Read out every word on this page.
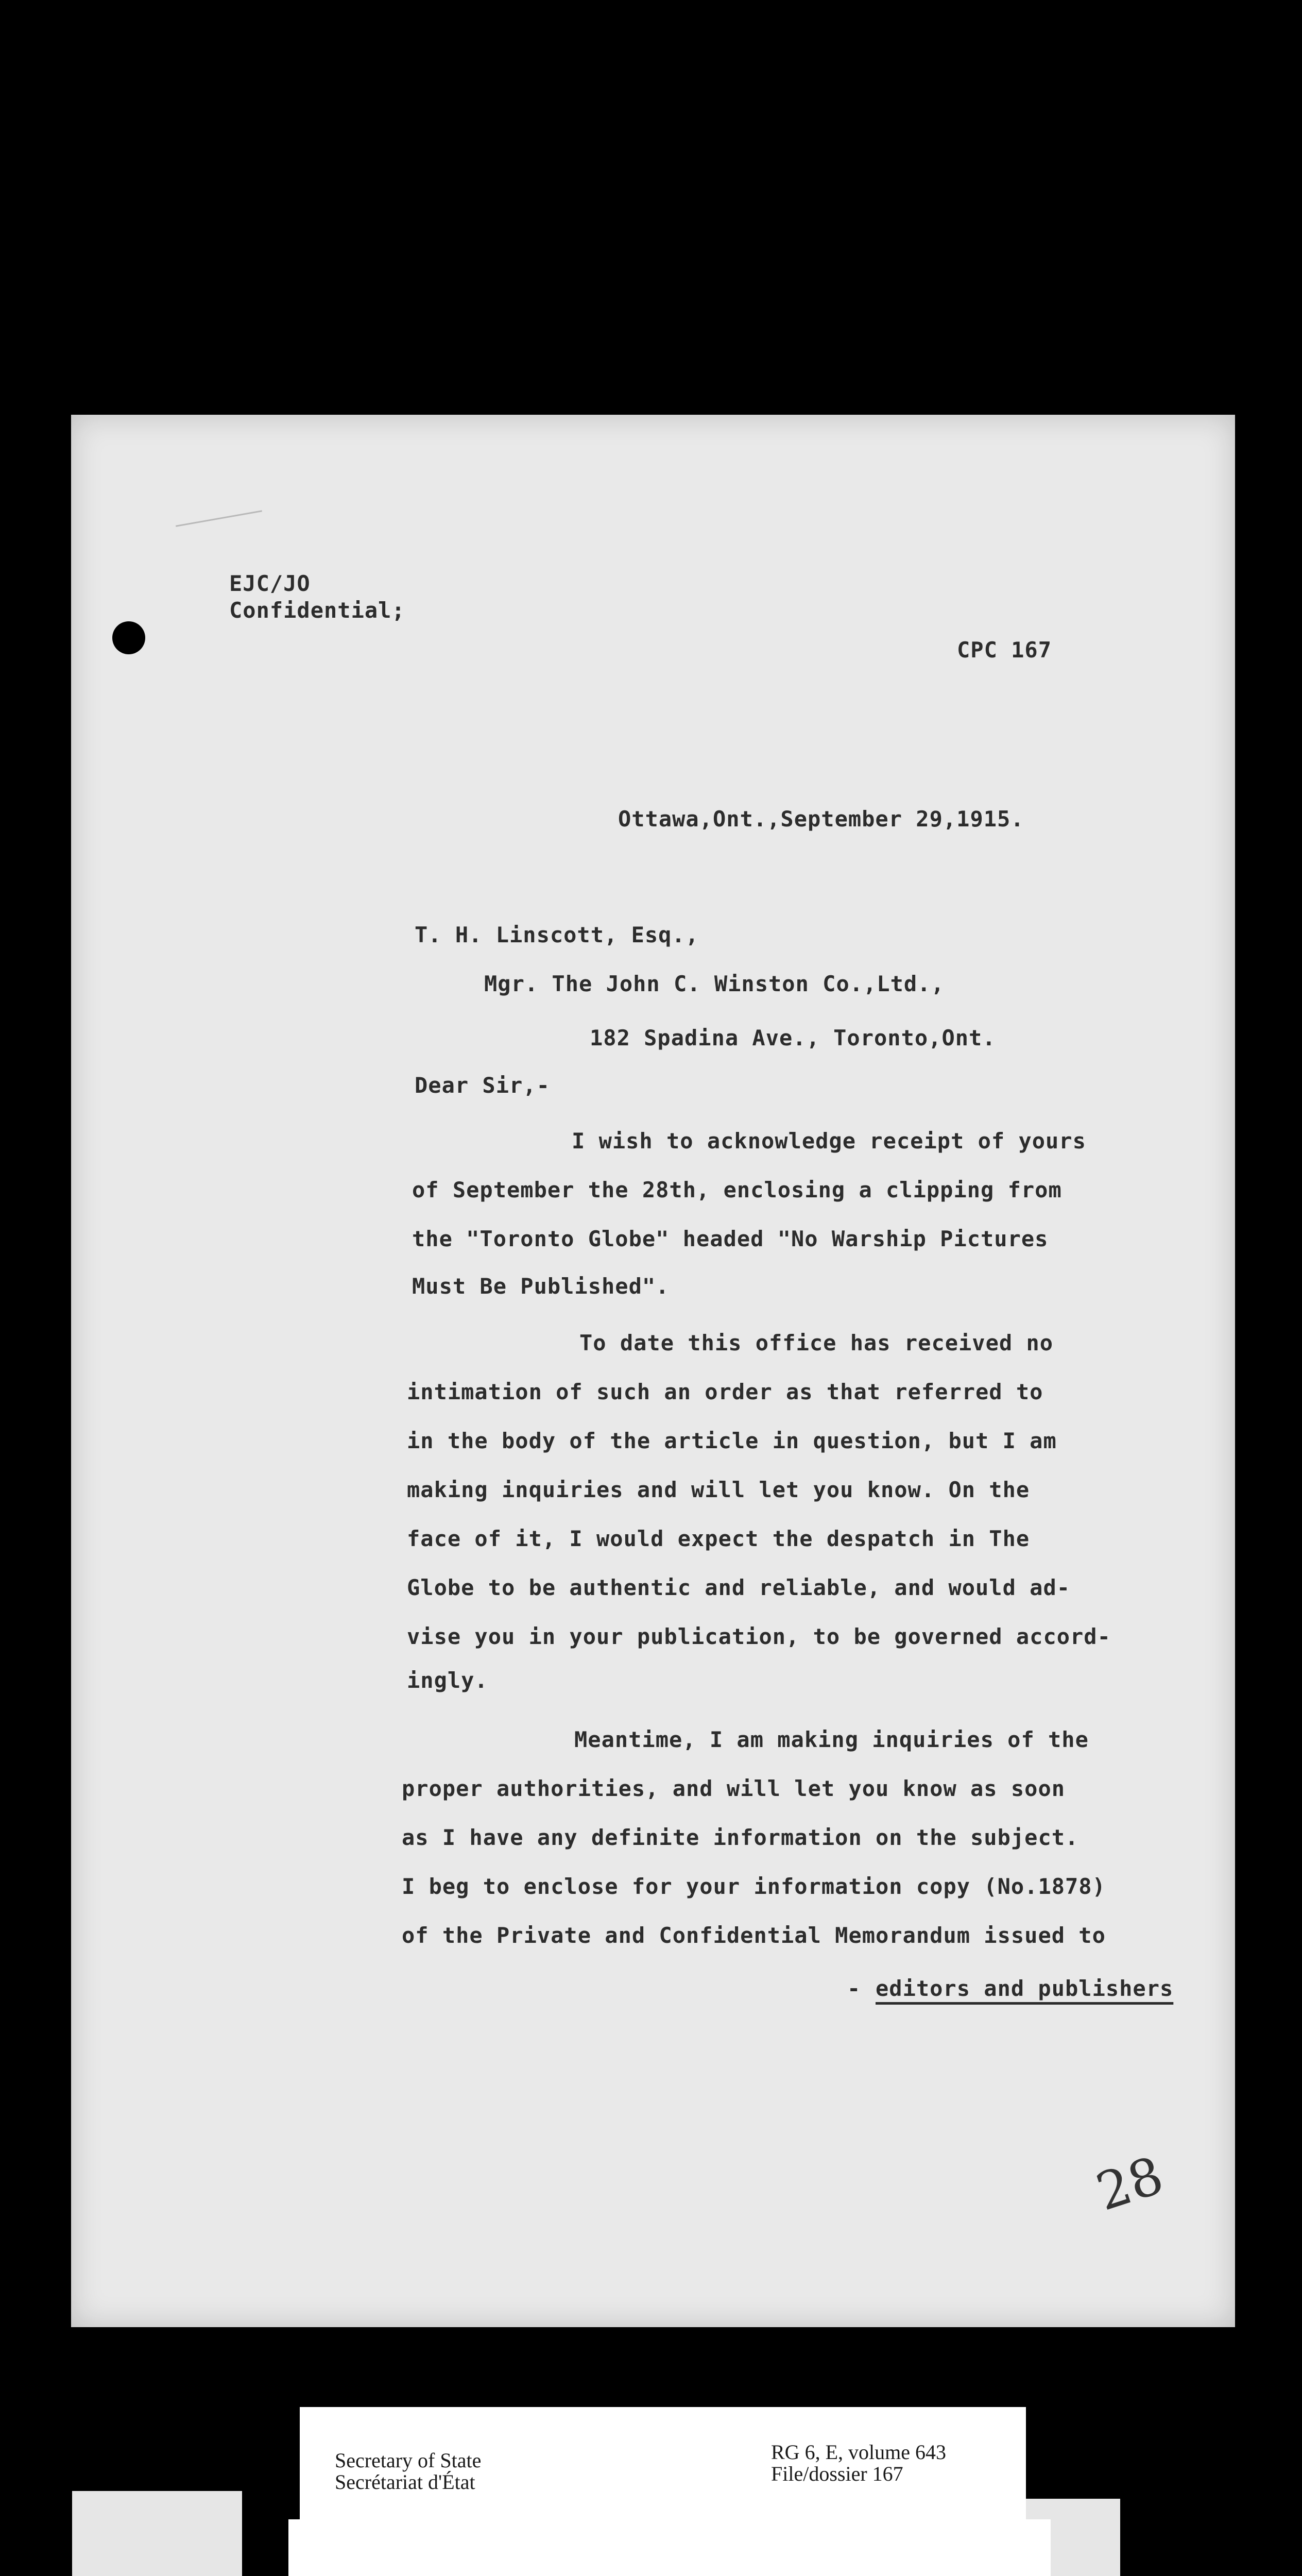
EJC/JO

Confidential;

CPC 167

Ottawa,Ont.,September 29,1915.

T. H. Linscott, Esq.,

Mgr. The John C. Winston Co.,Ltd.,

182 Spadina Ave., Toronto,Ont.

Dear Sir,-

I wish to acknowledge receipt of yours

of September the 28th, enclosing a clipping from

the "Toronto Globe" headed "No Warship Pictures

Must Be Published".

To date this office has received no

intimation of such an order as that referred to

in the body of the article in question, but I am

making inquiries and will let you know. On the

face of it, I would expect the despatch in The

Globe to be authentic and reliable, and would ad-

vise you in your publication, to be governed accord-

ingly.

Meantime, I am making inquiries of the

proper authorities, and will let you know as soon

as I have any definite information on the subject.

I beg to enclose for your information copy (No.1878)

of the Private and Confidential Memorandum issued to

- editors and publishers

28

Secretary of State

Secrétariat d'État

RG 6, E, volume 643

File/dossier 167
